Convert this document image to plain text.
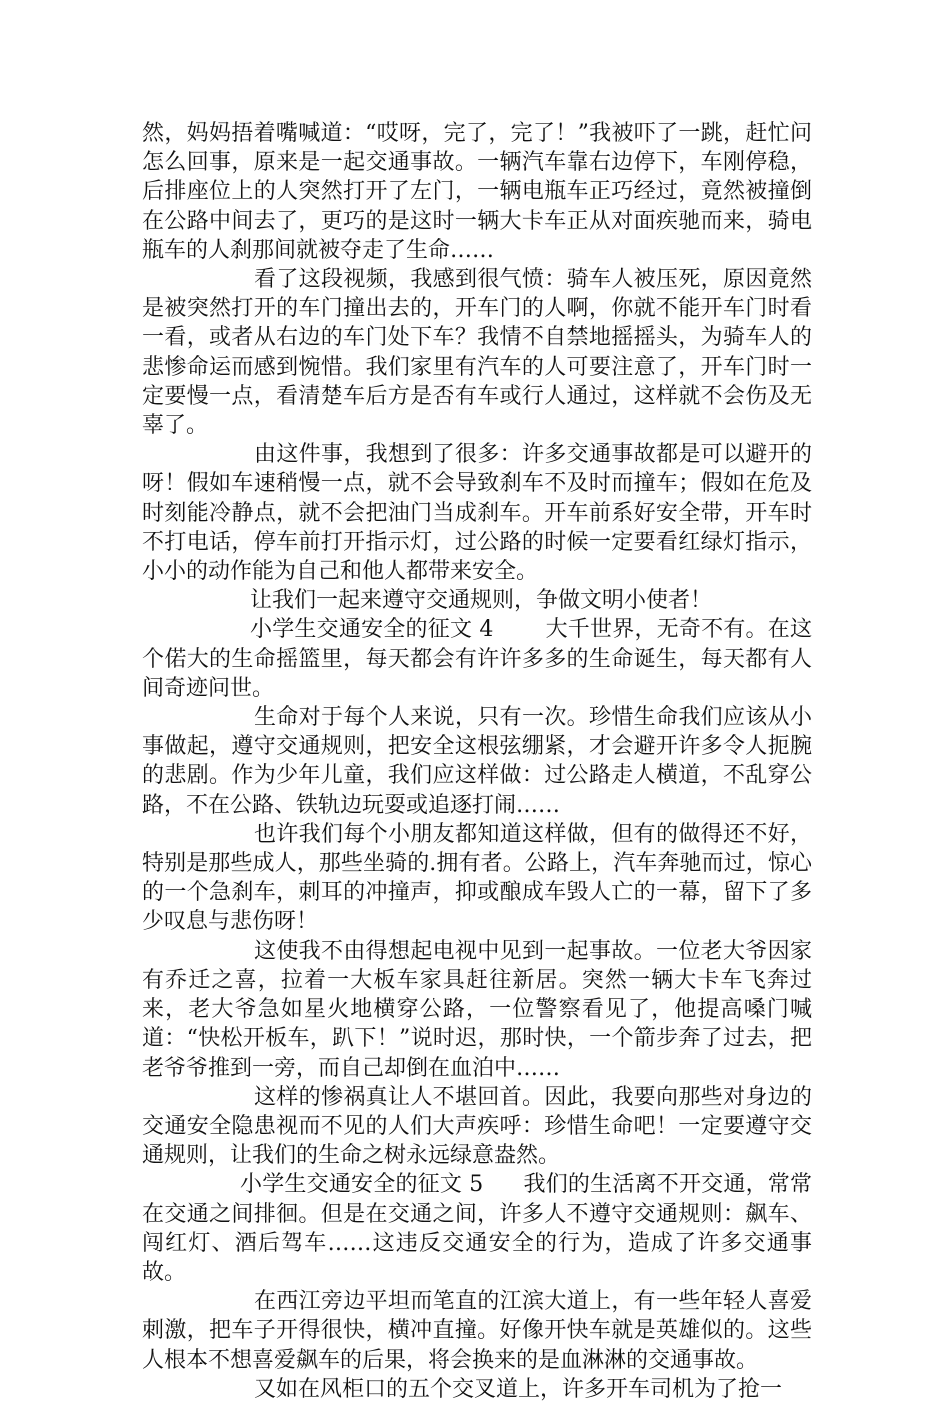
然，妈妈捂着嘴喊道：“哎呀，完了，完了！”我被吓了一跳，赶忙问怎么回事，原来是一起交通事故。一辆汽车靠右边停下，车刚停稳，后排座位上的人突然打开了左门，一辆电瓶车正巧经过，竟然被撞倒在公路中间去了，更巧的是这时一辆大卡车正从对面疾驰而来，骑电瓶车的人刹那间就被夺走了生命……

看了这段视频，我感到很气愤：骑车人被压死，原因竟然是被突然打开的车门撞出去的，开车门的人啊，你就不能开车门时看一看，或者从右边的车门处下车？我情不自禁地摇摇头，为骑车人的悲惨命运而感到惋惜。我们家里有汽车的人可要注意了，开车门时一定要慢一点，看清楚车后方是否有车或行人通过，这样就不会伤及无辜了。

由这件事，我想到了很多：许多交通事故都是可以避开的呀！假如车速稍慢一点，就不会导致刹车不及时而撞车；假如在危及时刻能冷静点，就不会把油门当成刹车。开车前系好安全带，开车时不打电话，停车前打开指示灯，过公路的时候一定要看红绿灯指示，小小的动作能为自己和他人都带来安全。

让我们一起来遵守交通规则，争做文明小使者！

小学生交通安全的征文 4 大千世界，无奇不有。在这个偌大的生命摇篮里，每天都会有许许多多的生命诞生，每天都有人间奇迹问世。

生命对于每个人来说，只有一次。珍惜生命我们应该从小事做起，遵守交通规则，把安全这根弦绷紧，才会避开许多令人扼腕的悲剧。作为少年儿童，我们应这样做：过公路走人横道，不乱穿公路，不在公路、铁轨边玩耍或追逐打闹……

也许我们每个小朋友都知道这样做，但有的做得还不好，特别是那些成人，那些坐骑的.拥有者。公路上，汽车奔驰而过，惊心的一个急刹车，刺耳的冲撞声，抑或酿成车毁人亡的一幕，留下了多少叹息与悲伤呀！

这使我不由得想起电视中见到一起事故。一位老大爷因家有乔迁之喜，拉着一大板车家具赶往新居。突然一辆大卡车飞奔过来，老大爷急如星火地横穿公路，一位警察看见了，他提高嗓门喊道：“快松开板车，趴下！”说时迟，那时快，一个箭步奔了过去，把老爷爷推到一旁，而自己却倒在血泊中……

这样的惨祸真让人不堪回首。因此，我要向那些对身边的交通安全隐患视而不见的人们大声疾呼：珍惜生命吧！一定要遵守交通规则，让我们的生命之树永远绿意盎然。

小学生交通安全的征文 5 我们的生活离不开交通，常常在交通之间排徊。但是在交通之间，许多人不遵守交通规则：飙车、闯红灯、酒后驾车……这违反交通安全的行为，造成了许多交通事故。

在西江旁边平坦而笔直的江滨大道上，有一些年轻人喜爱刺激，把车子开得很快，横冲直撞。好像开快车就是英雄似的。这些人根本不想喜爱飙车的后果，将会换来的是血淋淋的交通事故。

又如在风柜口的五个交叉道上，许多开车司机为了抢一
